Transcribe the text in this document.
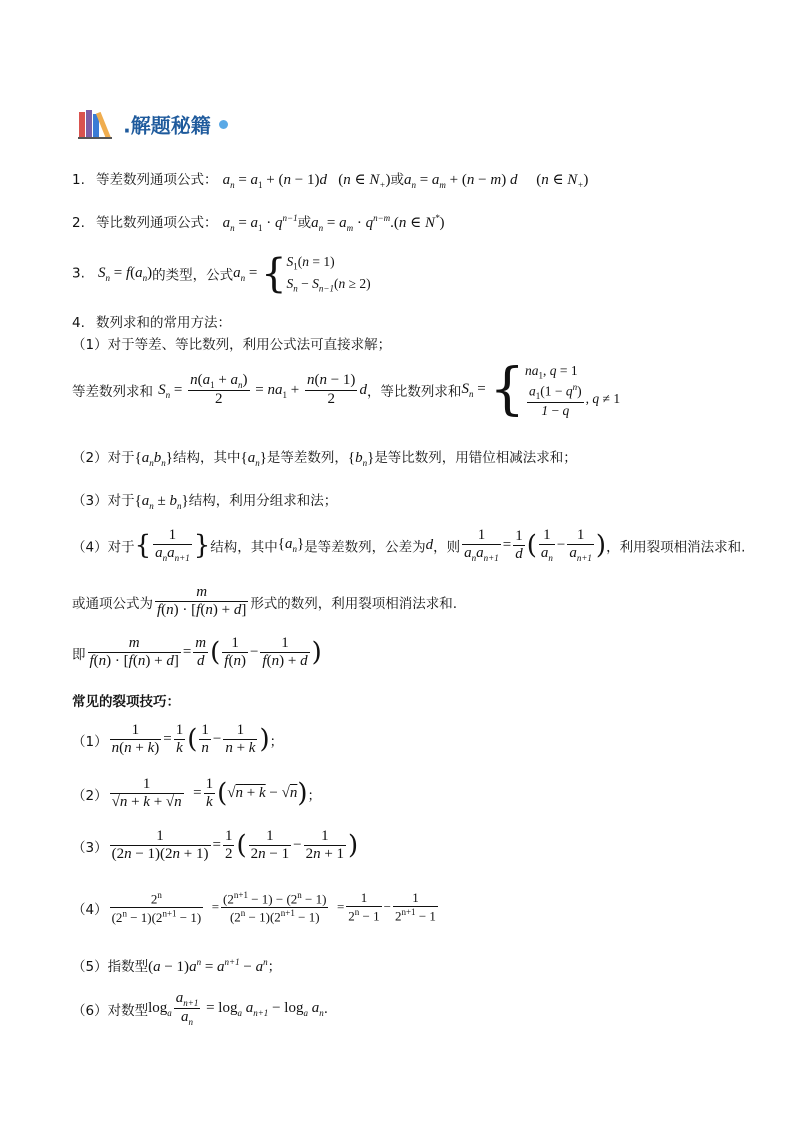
.解题秘籍
1. 等差数列通项公式： $a_n = a_1 + (n - 1)d$   (n ∈ $N_+$)或$a_n = a_m + (n - m)$ d     (n ∈ $N_+$)
2. 等比数列通项公式： $a_n = a_1 \cdot q^{n-1}$或$a_n = a_m \cdot q^{n-m}.(n$ ∈ N*)
3. $S_n = f(a_n)$的类型，公式$a_n = \{S_1(n = 1)$
$S_n - S_{n-1}(n \ge 2)$
4. 数列求和的常用方法：
（1）对于等差、等比数列，利用公式法可直接求解；
等差数列求和 $S_n = \frac{n(a_1 + a_n)}{2} = na_1 + \frac{n(n - 1)}{2}$ d，等比数列求和$S_n = \{na_1$, q = 1

$\frac{a_1(1 - q^n)}{1 - q}$ , q ≠ 1
（2）对于$\{a_nb_n\}$结构，其中$\{a_n\}$是等差数列，$\{b_n\}$是等比数列，用错位相减法求和；
（3）对于$\{a_n \pm b_n\}$结构，利用分组求和法；
（4）对于{ $\frac{1}{a_na_{n+1}}$ }结构，其中$\{a_n\}$是等差数列，公差为d，则 $\frac{1}{a_na_{n+1}} = \frac{1}{d}$ ( $\frac{1}{a_n} - \frac{1}{a_{n+1}}$ )，利用裂项相消法求和.
或通项公式为 $\frac{m}{f(n) \cdot [f(n) + d]}$ 形式的数列，利用裂项相消法求和.
即 $\frac{m}{f(n) \cdot [f(n) + d]} = \frac{m}{d}$ ( $\frac{1}{f(n)} - \frac{1}{f(n) + d}$ )
常见的裂项技巧：
$(1) \frac{1}{n(n + k)} = \frac{1}{k}$ ( $\frac{1}{n} - \frac{1}{n + k}$ )；
$(2) \frac{1}{√n + k + √n} = \frac{1}{k} (√n + k - √n)$；
$(3) \frac{1}{(2n - 1)(2n + 1)} = \frac{1}{2}$ ( $\frac{1}{2n - 1} - \frac{1}{2n + 1}$ )
$(4) \frac{2^n}{(2^n - 1)(2^{n+1} - 1)} = \frac{(2^{n+1} - 1) - (2^n - 1)}{(2^n - 1)(2^{n+1} - 1)} = \frac{1}{2^n - 1} - \frac{1}{2^{n+1} - 1}$
（5）指数型$(a - 1)a^n = a^{n+1} - a^n$；
（6）对数型$\log_a \frac{a_{n+1}}{a_n} = \log_a a_{n+1} - \log_a a_n$.
